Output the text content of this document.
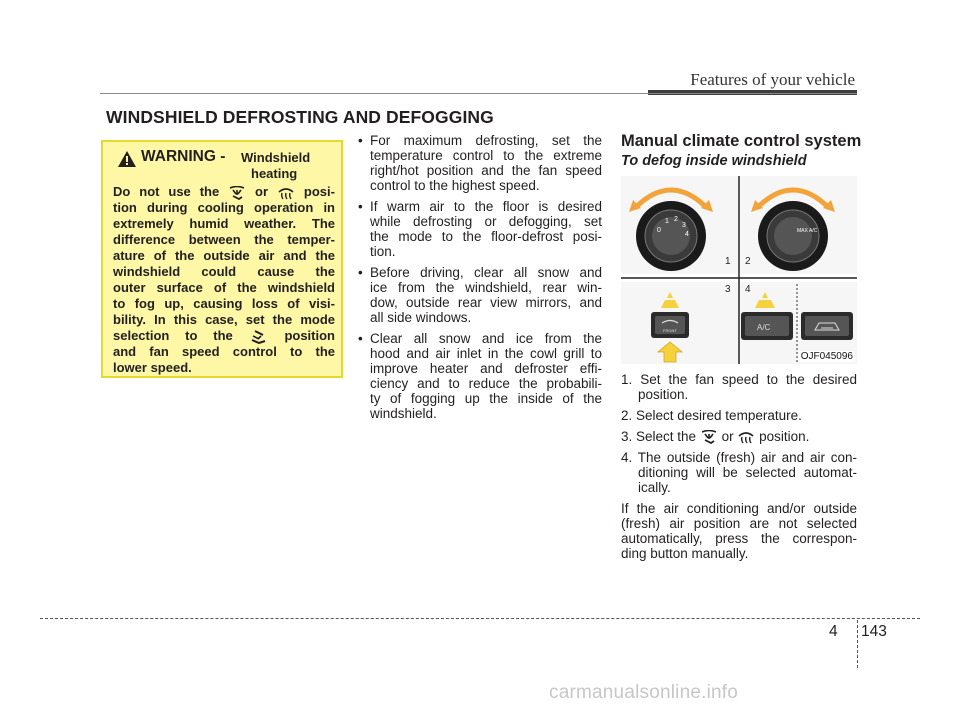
Features of your vehicle
WINDSHIELD DEFROSTING AND DEFOGGING
WARNING - Windshield
heating
Do not use the	or	posi-
tion during cooling operation in
extremely humid weather. The
difference between the temper-
ature of the outside air and the
windshield could cause the
outer surface of the windshield
to fog up, causing loss of visi-
bility. In this case, set the mode
selection to the	position
and fan speed control to the
lower speed.
• For maximum defrosting, set the
temperature control to the extreme
right/hot position and the fan speed
control to the highest speed.
• If warm air to the floor is desired
while defrosting or defogging, set
the mode to the floor-defrost posi-
tion.
• Before driving, clear all snow and
ice from the windshield, rear win-
dow, outside rear view mirrors, and
all side windows.
• Clear all snow and ice from the
hood and air inlet in the cowl grill to
improve heater and defroster effi-
ciency and to reduce the probabili-
ty of fogging up the inside of the
windshield.
Manual climate control system
To defog inside windshield
0
1 2
3
4	MAX A/C
1 2
3 4
FRONT	A/C
OJF045096
1. Set the fan speed to the desired
position.
2. Select desired temperature.
3. Select the or position.
4. The outside (fresh) air and air con-
ditioning will be selected automat-
ically.
If the air conditioning and/or outside
(fresh) air position are not selected
automatically, press the correspon-
ding button manually.
4 143
carmanualsonline.info
